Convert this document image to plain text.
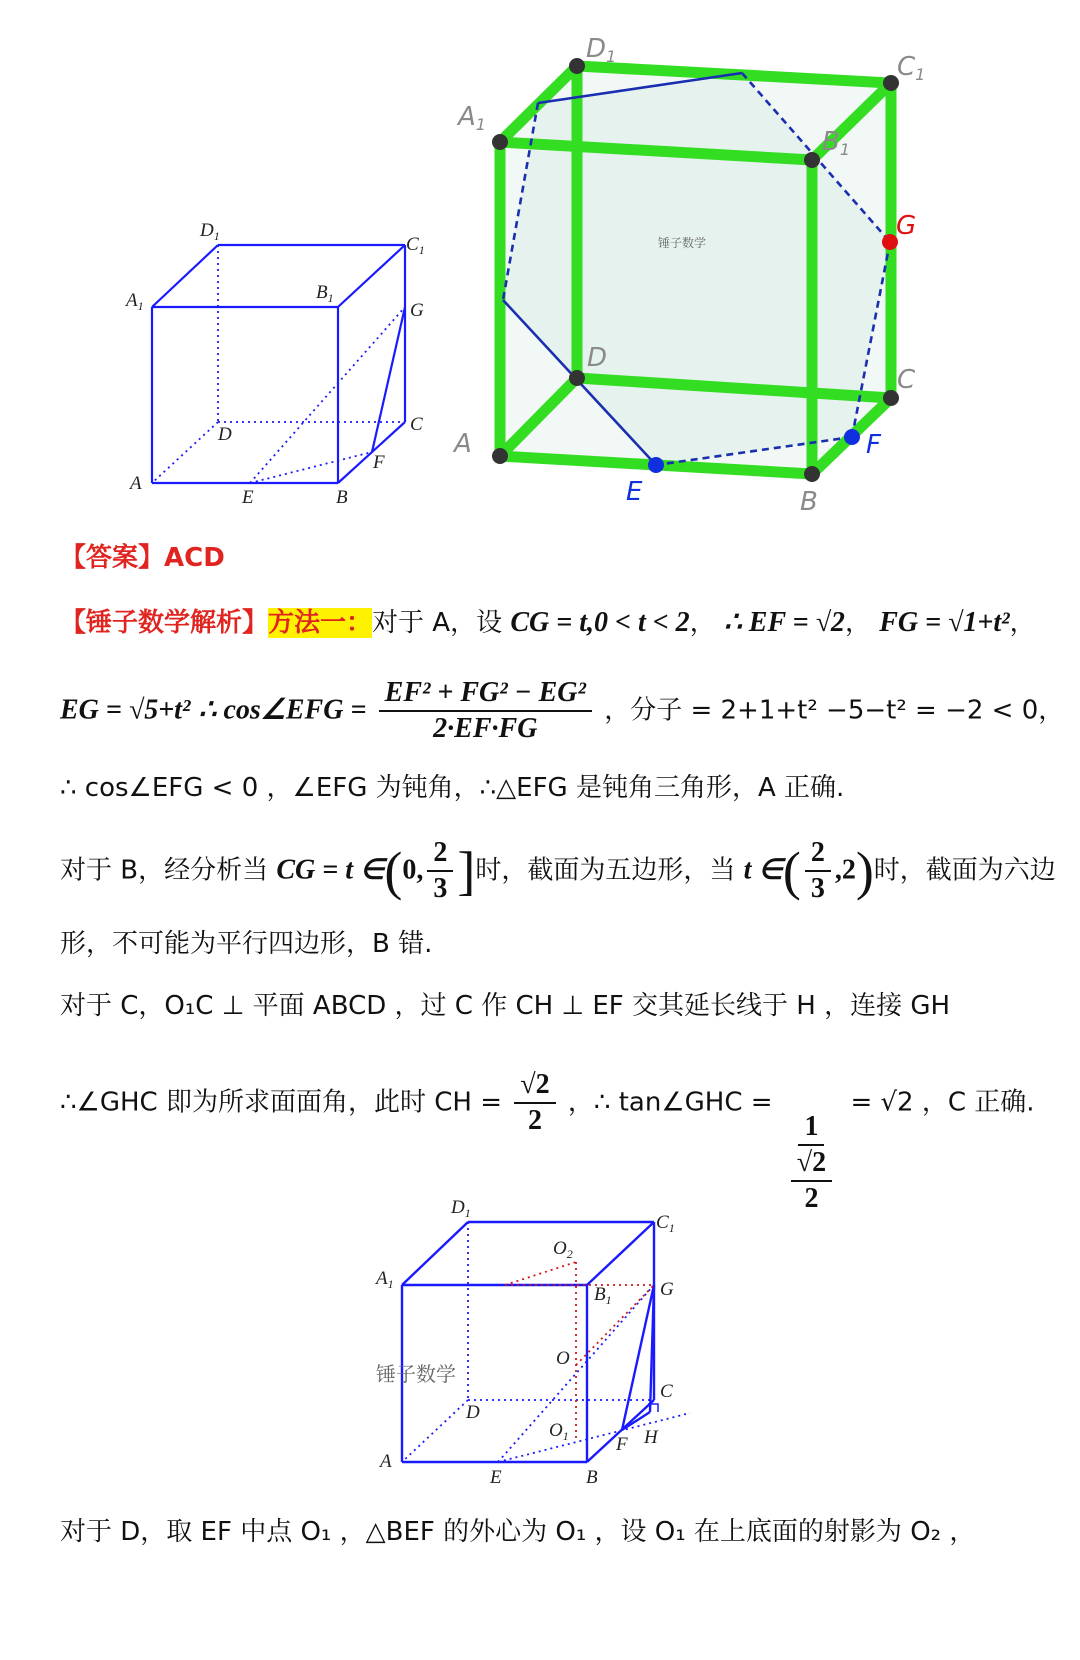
$D_1$	$C_1$
$A_1$
$B_1$
G
D	C
A
E	B
F
锤子数学
D1	C1
A1
B1
G
D
C
A
E	B
F
【答案】ACD
【锤子数学解析】方法一：对于 A，设 CG = t,0 < t < 2， ∴ EF = √2， FG = √1+t²，
EG = √5+t² ∴ cos∠EFG = $\frac{\text{EF² + FG² − EG²}}{2\cdot EF\cdot FG}$ ，分子 = 2+1+t² −5−t² = −2 < 0，
∴ cos∠EFG < 0 ，∠EFG 为钝角，∴△EFG 是钝角三角形，A 正确.
对于 B，经分析当 CG = t ∈(0, $\frac{2}{3}$ ]时，截面为五边形，当 t ∈( $\frac{2}{3} ,2$)时，截面为六边
形，不可能为平行四边形，B 错.
对于 C，O₁C ⊥ 平面 ABCD ，过 C 作 CH ⊥ EF 交其延长线于 H ，连接 GH
∴∠GHC 即为所求面面角，此时 CH = $\frac{√2}{2}$ ，∴ tan∠GHC =
$\frac{1}{\frac{√2}{2}}$
= √2 ，C 正确.
锤子数学
$D_1$	$C_1$
$O_2$
$A_1$	$B_1$	G
O
C
D
$O_1$ F H
A
E	B
对于 D，取 EF 中点 O₁ ，△BEF 的外心为 O₁ ，设 O₁ 在上底面的射影为 O₂ ，
